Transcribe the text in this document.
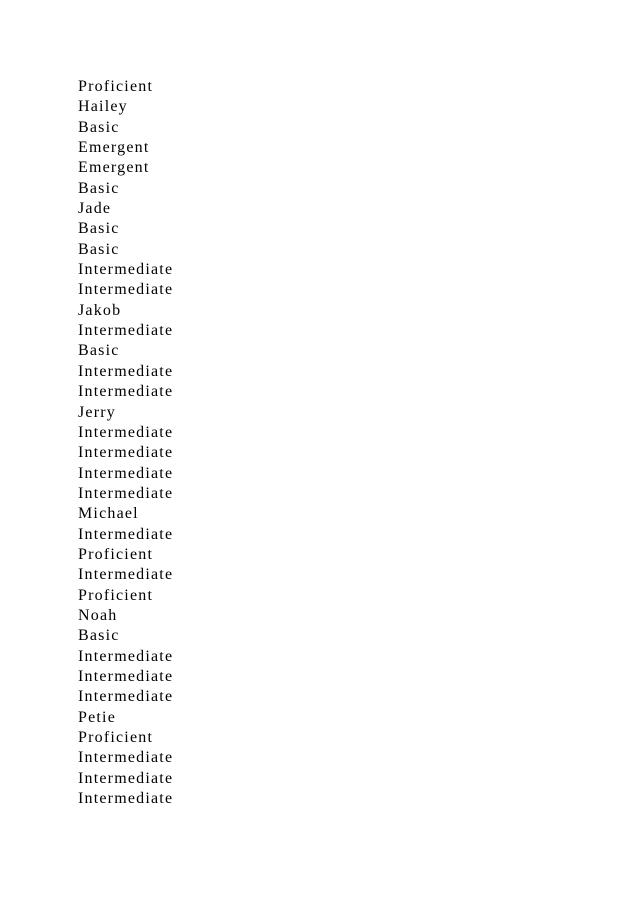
Proficient
Hailey
Basic
Emergent
Emergent
Basic
Jade
Basic
Basic
Intermediate
Intermediate
Jakob
Intermediate
Basic
Intermediate
Intermediate
Jerry
Intermediate
Intermediate
Intermediate
Intermediate
Michael
Intermediate
Proficient
Intermediate
Proficient
Noah
Basic
Intermediate
Intermediate
Intermediate
Petie
Proficient
Intermediate
Intermediate
Intermediate
